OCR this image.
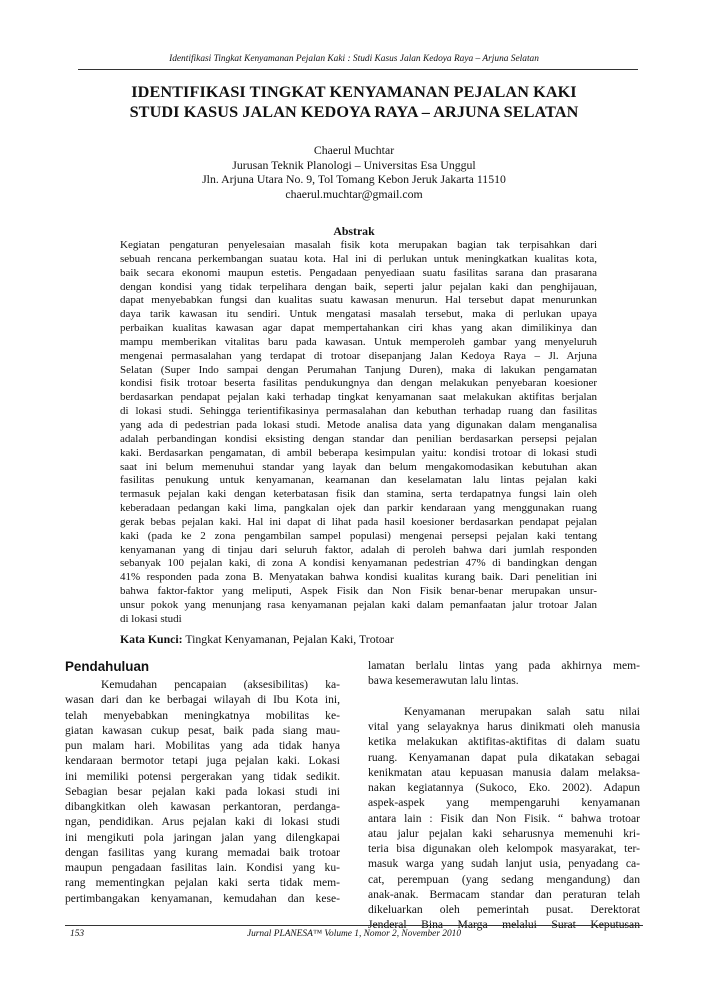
Identifikasi Tingkat Kenyamanan Pejalan Kaki : Studi Kasus Jalan Kedoya Raya – Arjuna Selatan
IDENTIFIKASI TINGKAT KENYAMANAN PEJALAN KAKI
STUDI KASUS JALAN KEDOYA RAYA – ARJUNA SELATAN
Chaerul Muchtar
Jurusan Teknik Planologi – Universitas Esa Unggul
Jln. Arjuna Utara No. 9, Tol Tomang Kebon Jeruk Jakarta 11510
chaerul.muchtar@gmail.com
Abstrak
Kegiatan pengaturan penyelesaian masalah fisik kota merupakan bagian tak terpisahkan dari
sebuah rencana perkembangan suatau kota. Hal ini di perlukan untuk meningkatkan kualitas kota,
baik secara ekonomi maupun estetis. Pengadaan penyediaan suatu fasilitas sarana dan prasarana
dengan kondisi yang tidak terpelihara dengan baik, seperti jalur pejalan kaki dan penghijauan,
dapat menyebabkan fungsi dan kualitas suatu kawasan menurun. Hal tersebut dapat menurunkan
daya tarik kawasan itu sendiri. Untuk mengatasi masalah tersebut, maka di perlukan upaya
perbaikan kualitas kawasan agar dapat mempertahankan ciri khas yang akan dimilikinya dan
mampu memberikan vitalitas baru pada kawasan. Untuk memperoleh gambar yang menyeluruh
mengenai permasalahan yang terdapat di trotoar disepanjang Jalan Kedoya Raya – Jl. Arjuna
Selatan (Super Indo sampai dengan Perumahan Tanjung Duren), maka di lakukan pengamatan
kondisi fisik trotoar beserta fasilitas pendukungnya dan dengan melakukan penyebaran koesioner
berdasarkan pendapat pejalan kaki terhadap tingkat kenyamanan saat melakukan aktifitas berjalan
di lokasi studi. Sehingga terientifikasinya permasalahan dan kebuthan terhadap ruang dan fasilitas
yang ada di pedestrian pada lokasi studi. Metode analisa data yang digunakan dalam menganalisa
adalah perbandingan kondisi eksisting dengan standar dan penilian berdasarkan persepsi pejalan
kaki. Berdasarkan pengamatan, di ambil beberapa kesimpulan yaitu: kondisi trotoar di lokasi studi
saat ini belum memenuhui standar yang layak dan belum mengakomodasikan kebutuhan akan
fasilitas penukung untuk kenyamanan, keamanan dan keselamatan lalu lintas pejalan kaki
termasuk pejalan kaki dengan keterbatasan fisik dan stamina, serta terdapatnya fungsi lain oleh
keberadaan pedangan kaki lima, pangkalan ojek dan parkir kendaraan yang menggunakan ruang
gerak bebas pejalan kaki. Hal ini dapat di lihat pada hasil koesioner berdasarkan pendapat pejalan
kaki (pada ke 2 zona pengambilan sampel populasi) mengenai persepsi pejalan kaki tentang
kenyamanan yang di tinjau dari seluruh faktor, adalah di peroleh bahwa dari jumlah responden
sebanyak 100 pejalan kaki, di zona A kondisi kenyamanan pedestrian 47% di bandingkan dengan
41% responden pada zona B. Menyatakan bahwa kondisi kualitas kurang baik. Dari penelitian ini
bahwa faktor-faktor yang meliputi, Aspek Fisik dan Non Fisik benar-benar merupakan unsur-
unsur pokok yang menunjang rasa kenyamanan pejalan kaki dalam pemanfaatan jalur trotoar Jalan
di lokasi studi
Kata Kunci: Tingkat Kenyamanan, Pejalan Kaki, Trotoar
Pendahuluan
Kemudahan pencapaian (aksesibilitas) ka-
wasan dari dan ke berbagai wilayah di Ibu Kota ini,
telah menyebabkan meningkatnya mobilitas ke-
giatan kawasan cukup pesat, baik pada siang mau-
pun malam hari. Mobilitas yang ada tidak hanya
kendaraan bermotor tetapi juga pejalan kaki. Lokasi
ini memiliki potensi pergerakan yang tidak sedikit.
Sebagian besar pejalan kaki pada lokasi studi ini
dibangkitkan oleh kawasan perkantoran, perdanga-
ngan, pendidikan. Arus pejalan kaki di lokasi studi
ini mengikuti pola jaringan jalan yang dilengkapai
dengan fasilitas yang kurang memadai baik trotoar
maupun pengadaan fasilitas lain. Kondisi yang ku-
rang mementingkan pejalan kaki serta tidak mem-
pertimbangakan kenyamanan, kemudahan dan kese-
lamatan berlalu lintas yang pada akhirnya mem-
bawa kesemerawutan lalu lintas.
Kenyamanan merupakan salah satu nilai
vital yang selayaknya harus dinikmati oleh manusia
ketika melakukan aktifitas-aktifitas di dalam suatu
ruang. Kenyamanan dapat pula dikatakan sebagai
kenikmatan atau kepuasan manusia dalam melaksa-
nakan kegiatannya (Sukoco, Eko. 2002). Adapun
aspek-aspek yang mempengaruhi kenyamanan
antara lain : Fisik dan Non Fisik. “ bahwa trotoar
atau jalur pejalan kaki seharusnya memenuhi kri-
teria bisa digunakan oleh kelompok masyarakat, ter-
masuk warga yang sudah lanjut usia, penyadang ca-
cat, perempuan (yang sedang mengandung) dan
anak-anak. Bermacam standar dan peraturan telah
dikeluarkan oleh pemerintah pusat. Derektorat
Jenderal Bina Marga melalui Surat Keputusan
153	Jurnal PLANESA™ Volume 1, Nomor 2, November 2010
